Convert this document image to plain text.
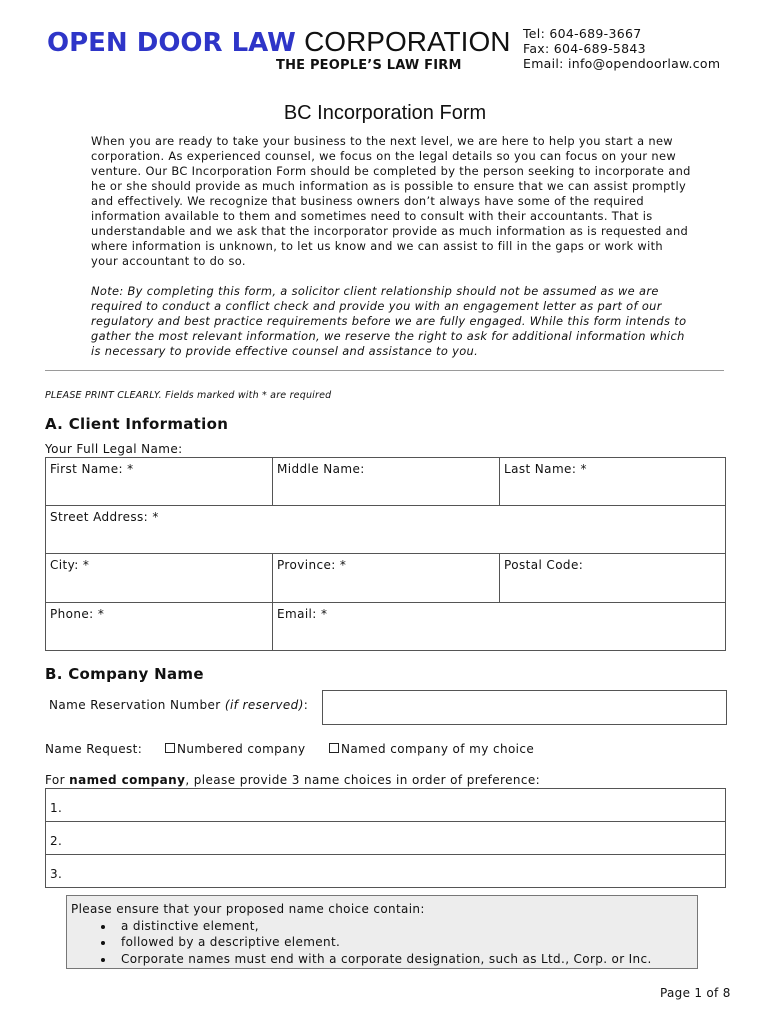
OPEN DOOR LAW CORPORATION
THE PEOPLE’S LAW FIRM
Tel: 604-689-3667
Fax: 604-689-5843
Email: info@opendoorlaw.com
BC Incorporation Form
When you are ready to take your business to the next level, we are here to help you start a new corporation. As experienced counsel, we focus on the legal details so you can focus on your new venture. Our BC Incorporation Form should be completed by the person seeking to incorporate and he or she should provide as much information as is possible to ensure that we can assist promptly and effectively. We recognize that business owners don’t always have some of the required information available to them and sometimes need to consult with their accountants. That is understandable and we ask that the incorporator provide as much information as is requested and where information is unknown, to let us know and we can assist to fill in the gaps or work with your accountant to do so.
Note: By completing this form, a solicitor client relationship should not be assumed as we are required to conduct a conflict check and provide you with an engagement letter as part of our regulatory and best practice requirements before we are fully engaged. While this form intends to gather the most relevant information, we reserve the right to ask for additional information which is necessary to provide effective counsel and assistance to you.
PLEASE PRINT CLEARLY. Fields marked with * are required
A. Client Information
Your Full Legal Name:
First Name: *	Middle Name:	Last Name: *
Street Address: *		
City: *	Province: *	Postal Code:
Phone: *	Email: *	
B. Company Name
Name Reservation Number (if reserved):
Name Request:	Numbered company	Named company of my choice
For named company, please provide 3 name choices in order of preference:
1.
2.
3.
Please ensure that your proposed name choice contain:
• a distinctive element,
• followed by a descriptive element.
• Corporate names must end with a corporate designation, such as Ltd., Corp. or Inc.
Page 1 of 8
